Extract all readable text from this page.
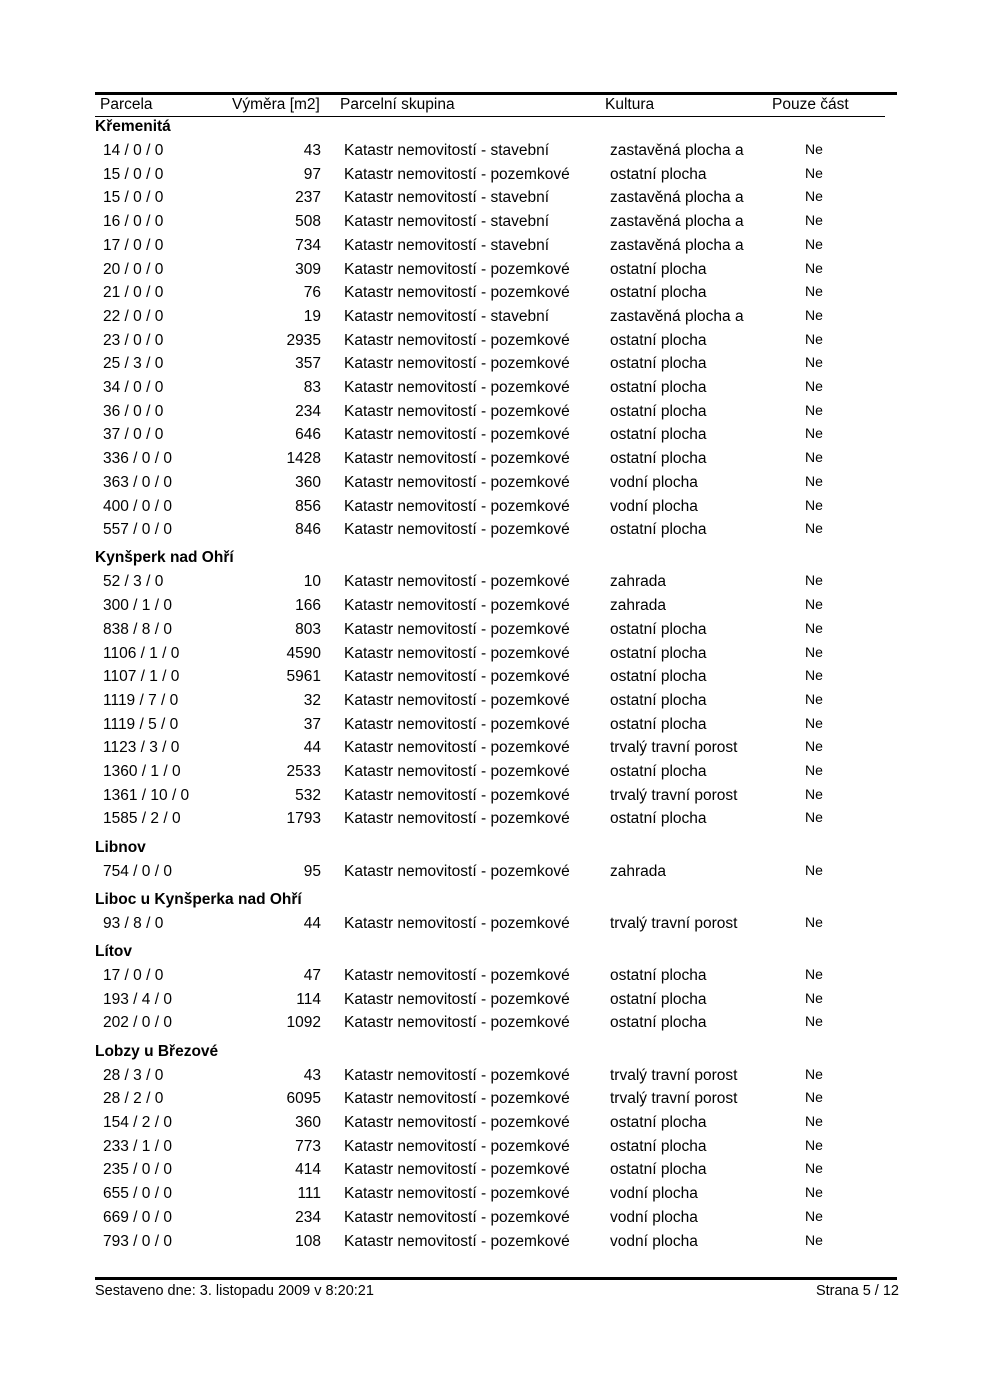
Parcela	Výměra [m2] Parcelní skupina	Kultura	Pouze část
Křemenitá
14 / 0 / 0	43 Katastr nemovitostí - stavební	zastavěná plocha a	Ne
15 / 0 / 0	97 Katastr nemovitostí - pozemkové	ostatní plocha	Ne
15 / 0 / 0	237 Katastr nemovitostí - stavební	zastavěná plocha a	Ne
16 / 0 / 0	508 Katastr nemovitostí - stavební	zastavěná plocha a	Ne
17 / 0 / 0	734 Katastr nemovitostí - stavební	zastavěná plocha a	Ne
20 / 0 / 0	309 Katastr nemovitostí - pozemkové	ostatní plocha	Ne
21 / 0 / 0	76 Katastr nemovitostí - pozemkové	ostatní plocha	Ne
22 / 0 / 0	19 Katastr nemovitostí - stavební	zastavěná plocha a	Ne
23 / 0 / 0	2935 Katastr nemovitostí - pozemkové	ostatní plocha	Ne
25 / 3 / 0	357 Katastr nemovitostí - pozemkové	ostatní plocha	Ne
34 / 0 / 0	83 Katastr nemovitostí - pozemkové	ostatní plocha	Ne
36 / 0 / 0	234 Katastr nemovitostí - pozemkové	ostatní plocha	Ne
37 / 0 / 0	646 Katastr nemovitostí - pozemkové	ostatní plocha	Ne
336 / 0 / 0	1428 Katastr nemovitostí - pozemkové	ostatní plocha	Ne
363 / 0 / 0	360 Katastr nemovitostí - pozemkové	vodní plocha	Ne
400 / 0 / 0	856 Katastr nemovitostí - pozemkové	vodní plocha	Ne
557 / 0 / 0	846 Katastr nemovitostí - pozemkové	ostatní plocha	Ne
Kynšperk nad Ohří
52 / 3 / 0	10 Katastr nemovitostí - pozemkové	zahrada	Ne
300 / 1 / 0	166 Katastr nemovitostí - pozemkové	zahrada	Ne
838 / 8 / 0	803 Katastr nemovitostí - pozemkové	ostatní plocha	Ne
1106 / 1 / 0	4590 Katastr nemovitostí - pozemkové	ostatní plocha	Ne
1107 / 1 / 0	5961 Katastr nemovitostí - pozemkové	ostatní plocha	Ne
1119 / 7 / 0	32 Katastr nemovitostí - pozemkové	ostatní plocha	Ne
1119 / 5 / 0	37 Katastr nemovitostí - pozemkové	ostatní plocha	Ne
1123 / 3 / 0	44 Katastr nemovitostí - pozemkové	trvalý travní porost	Ne
1360 / 1 / 0	2533 Katastr nemovitostí - pozemkové	ostatní plocha	Ne
1361 / 10 / 0	532 Katastr nemovitostí - pozemkové	trvalý travní porost	Ne
1585 / 2 / 0	1793 Katastr nemovitostí - pozemkové	ostatní plocha	Ne
Libnov
754 / 0 / 0	95 Katastr nemovitostí - pozemkové	zahrada	Ne
Liboc u Kynšperka nad Ohří
93 / 8 / 0	44 Katastr nemovitostí - pozemkové	trvalý travní porost	Ne
Lítov
17 / 0 / 0	47 Katastr nemovitostí - pozemkové	ostatní plocha	Ne
193 / 4 / 0	114 Katastr nemovitostí - pozemkové	ostatní plocha	Ne
202 / 0 / 0	1092 Katastr nemovitostí - pozemkové	ostatní plocha	Ne
Lobzy u Březové
28 / 3 / 0	43 Katastr nemovitostí - pozemkové	trvalý travní porost	Ne
28 / 2 / 0	6095 Katastr nemovitostí - pozemkové	trvalý travní porost	Ne
154 / 2 / 0	360 Katastr nemovitostí - pozemkové	ostatní plocha	Ne
233 / 1 / 0	773 Katastr nemovitostí - pozemkové	ostatní plocha	Ne
235 / 0 / 0	414 Katastr nemovitostí - pozemkové	ostatní plocha	Ne
655 / 0 / 0	111 Katastr nemovitostí - pozemkové	vodní plocha	Ne
669 / 0 / 0	234 Katastr nemovitostí - pozemkové	vodní plocha	Ne
793 / 0 / 0	108 Katastr nemovitostí - pozemkové	vodní plocha	Ne
Sestaveno dne: 3. listopadu 2009 v 8:20:21	Strana 5 / 12
